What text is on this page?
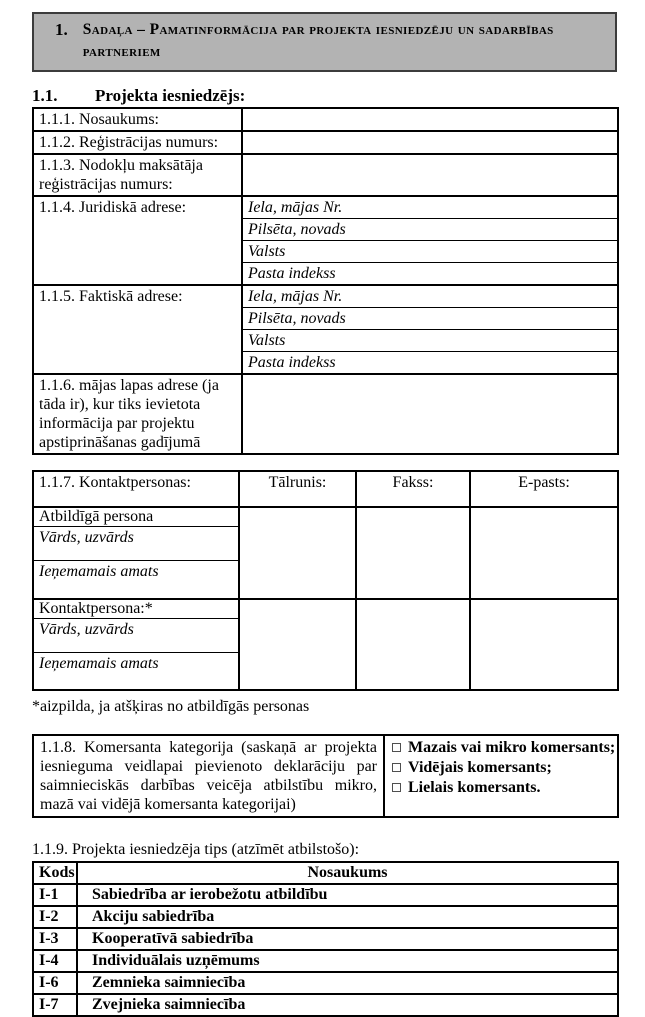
1. Sadaļa – Pamatinformācija par projekta iesniedzēju un sadarbības partneriem
1.1. Projekta iesniedzējs:
1.1.1. Nosaukums:	
1.1.2. Reģistrācijas numurs:	
1.1.3. Nodokļu maksātāja reģistrācijas numurs:	
1.1.4. Juridiskā adrese:	Iela, mājas Nr.
	Pilsēta, novads
	Valsts
	Pasta indekss
1.1.5. Faktiskā adrese:	Iela, mājas Nr.
	Pilsēta, novads
	Valsts
	Pasta indekss
1.1.6. mājas lapas adrese (ja tāda ir), kur tiks ievietota informācija par projektu apstiprināšanas gadījumā	
1.1.7. Kontaktpersonas:	Tālrunis:	Fakss:	E-pasts:
Atbildīgā persona			
Vārds, uzvārds			
Ieņemamais amats			
Kontaktpersona:*			
Vārds, uzvārds			
Ieņemamais amats			
*aizpilda, ja atšķiras no atbildīgās personas
1.1.8. Komersanta kategorija (saskaņā ar projekta iesnieguma veidlapai pievienoto deklarāciju par saimnieciskās darbības veicēja atbilstību mikro, mazā vai vidējā komersanta kategorijai)	
Mazais vai mikro komersants;
Vidējais komersants;
Lielais komersants.
1.1.9. Projekta iesniedzēja tips (atzīmēt atbilstošo):
Kods	Nosaukums
I-1	Sabiedrība ar ierobežotu atbildību
I-2	Akciju sabiedrība
I-3	Kooperatīvā sabiedrība
I-4	Individuālais uzņēmums
I-6	Zemnieka saimniecība
I-7	Zvejnieka saimniecība
